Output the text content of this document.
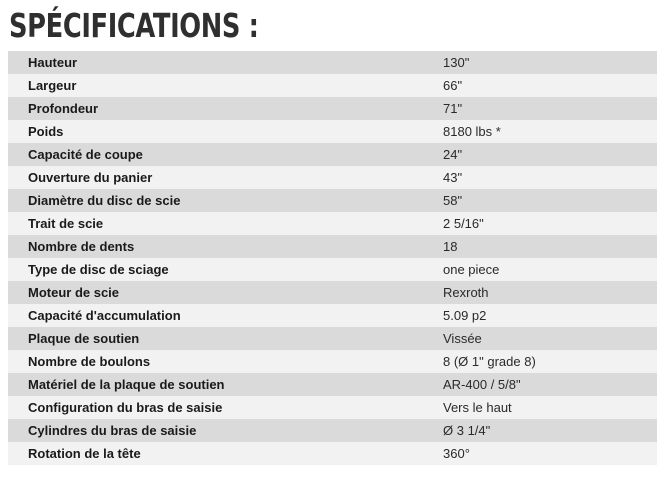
SPÉCIFICATIONS :
Hauteur	130"
Largeur	66"
Profondeur	71"
Poids	8180 lbs *
Capacité de coupe	24"
Ouverture du panier	43"
Diamètre du disc de scie	58"
Trait de scie	2 5/16"
Nombre de dents	18
Type de disc de sciage	one piece
Moteur de scie	Rexroth
Capacité d'accumulation	5.09 p2
Plaque de soutien	Vissée
Nombre de boulons	8 (Ø 1" grade 8)
Matériel de la plaque de soutien	AR-400 / 5/8"
Configuration du bras de saisie	Vers le haut
Cylindres du bras de saisie	Ø 3 1/4"
Rotation de la tête	360°
